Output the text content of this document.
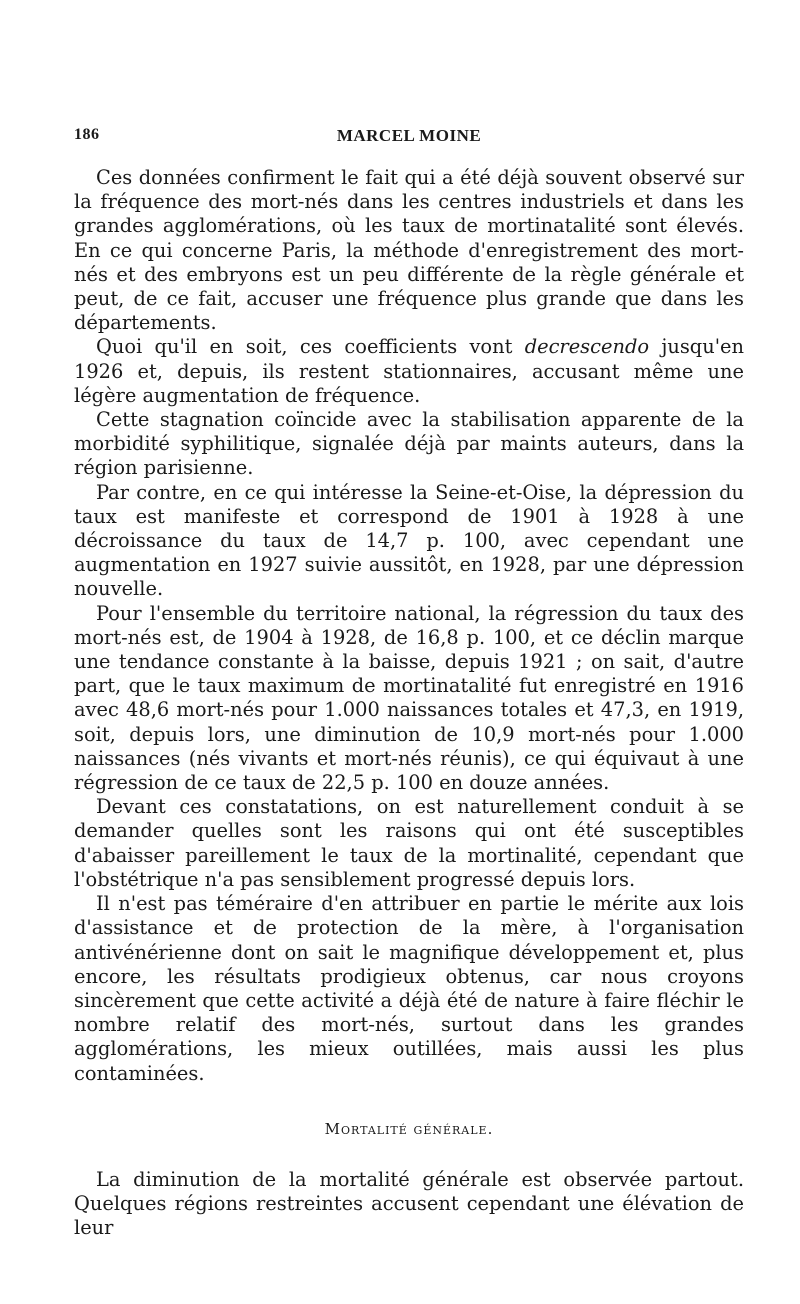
186	MARCEL MOINE

Ces données confirment le fait qui a été déjà souvent observé sur la fréquence des mort-nés dans les centres industriels et dans les grandes agglomérations, où les taux de mortinatalité sont élevés. En ce qui concerne Paris, la méthode d'enregistrement des mort-nés et des embryons est un peu différente de la règle générale et peut, de ce fait, accuser une fréquence plus grande que dans les départements.

Quoi qu'il en soit, ces coefficients vont decrescendo jusqu'en 1926 et, depuis, ils restent stationnaires, accusant même une légère augmentation de fréquence.

Cette stagnation coïncide avec la stabilisation apparente de la morbidité syphilitique, signalée déjà par maints auteurs, dans la région parisienne.

Par contre, en ce qui intéresse la Seine-et-Oise, la dépression du taux est manifeste et correspond de 1901 à 1928 à une décroissance du taux de 14,7 p. 100, avec cependant une augmentation en 1927 suivie aussitôt, en 1928, par une dépression nouvelle.

Pour l'ensemble du territoire national, la régression du taux des mort-nés est, de 1904 à 1928, de 16,8 p. 100, et ce déclin marque une tendance constante à la baisse, depuis 1921 ; on sait, d'autre part, que le taux maximum de mortinatalité fut enregistré en 1916 avec 48,6 mort-nés pour 1.000 naissances totales et 47,3, en 1919, soit, depuis lors, une diminution de 10,9 mort-nés pour 1.000 naissances (nés vivants et mort-nés réunis), ce qui équivaut à une régression de ce taux de 22,5 p. 100 en douze années.

Devant ces constatations, on est naturellement conduit à se demander quelles sont les raisons qui ont été susceptibles d'abaisser pareillement le taux de la mortinalité, cependant que l'obstétrique n'a pas sensiblement progressé depuis lors.

Il n'est pas téméraire d'en attribuer en partie le mérite aux lois d'assistance et de protection de la mère, à l'organisation antivénérienne dont on sait le magnifique développement et, plus encore, les résultats prodigieux obtenus, car nous croyons sincèrement que cette activité a déjà été de nature à faire fléchir le nombre relatif des mort-nés, surtout dans les grandes agglomérations, les mieux outillées, mais aussi les plus contaminées.

Mortalité générale.

La diminution de la mortalité générale est observée partout. Quelques régions restreintes accusent cependant une élévation de leur
